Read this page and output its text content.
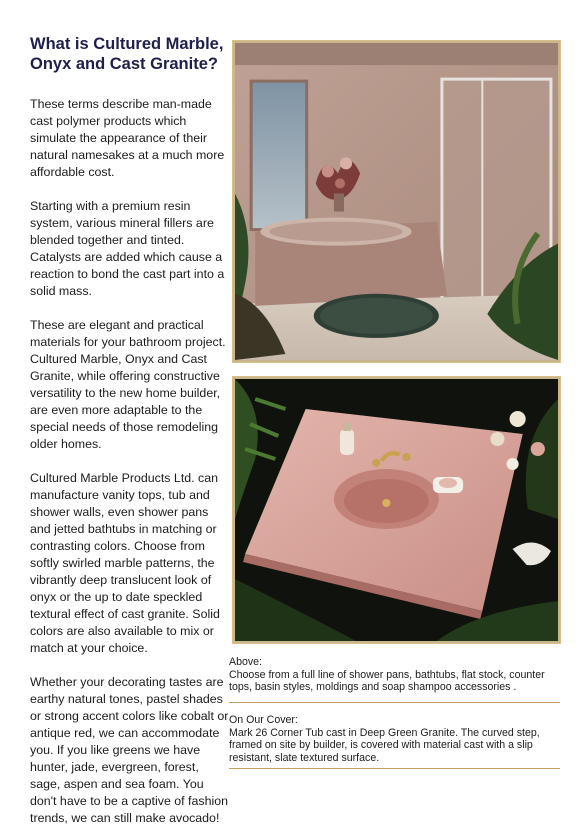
What is Cultured Marble, Onyx and Cast Granite?

These terms describe man-made cast polymer products which simulate the appearance of their natural namesakes at a much more affordable cost.

Starting with a premium resin system, various mineral fillers are blended together and tinted. Catalysts are added which cause a reaction to bond the cast part into a solid mass.

These are elegant and practical materials for your bathroom project. Cultured Marble, Onyx and Cast Granite, while offering constructive versatility to the new home builder, are even more adaptable to the special needs of those remodeling older homes.

Cultured Marble Products Ltd. can manufacture vanity tops, tub and shower walls, even shower pans and jetted bathtubs in matching or contrasting colors. Choose from softly swirled marble patterns, the vibrantly deep translucent look of onyx or the up to date speckled textural effect of cast granite. Solid colors are also available to mix or match at your choice.

Whether your decorating tastes are earthy natural tones, pastel shades or strong accent colors like cobalt or antique red, we can accommodate you. If you like greens we have hunter, jade, evergreen, forest, sage, aspen and sea foam. You don't have to be a captive of fashion trends, we can still make avocado!

Above:
Choose from a full line of shower pans, bathtubs, flat stock, counter tops, basin styles, moldings and soap shampoo accessories .
On Our Cover:
Mark 26 Corner Tub cast in Deep Green Granite. The curved step, framed on site by builder, is covered with material cast with a slip resistant, slate textured surface.
